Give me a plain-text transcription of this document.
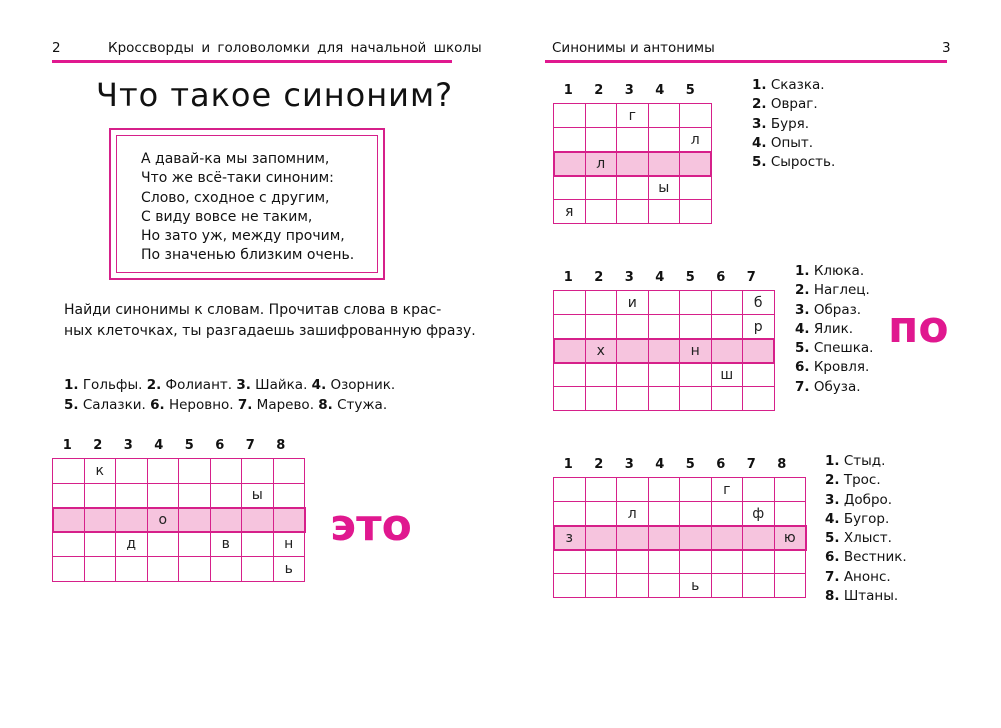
2	Кроссворды и головоломки для начальной школы
Что такое синоним?
А давай-ка мы запомним,
Что же всё-таки синоним:
Слово, сходное с другим,
С виду вовсе не таким,
Но зато уж, между прочим,
По значенью близким очень.
Найди синонимы к словам. Прочитав слова в крас-
ных клеточках, ты разгадаешь зашифрованную фразу.
1. Гольфы. 2. Фолиант. 3. Шайка. 4. Озорник.
5. Салазки. 6. Неровно. 7. Марево. 8. Стужа.
1	2	3	4	5	6	7	8
	к						
						ы	
			о				
		д			в		н
							ь
это
Синонимы и антонимы	3
1	2	3	4	5
		г		
				л
	л			
			ы	
я				
1. Сказка.
2. Овраг.
3. Буря.
4. Опыт.
5. Сырость.
1	2	3	4	5	6	7
		и				б
						р
	х			н		
					ш	

1. Клюка.
2. Наглец.
3. Образ.
4. Ялик.
5. Спешка.
6. Кровля.
7. Обуза.
по
1	2	3	4	5	6	7	8
					г		
		л				ф	
з							ю

				ь			
1. Стыд.
2. Трос.
3. Добро.
4. Бугор.
5. Хлыст.
6. Вестник.
7. Анонс.
8. Штаны.
